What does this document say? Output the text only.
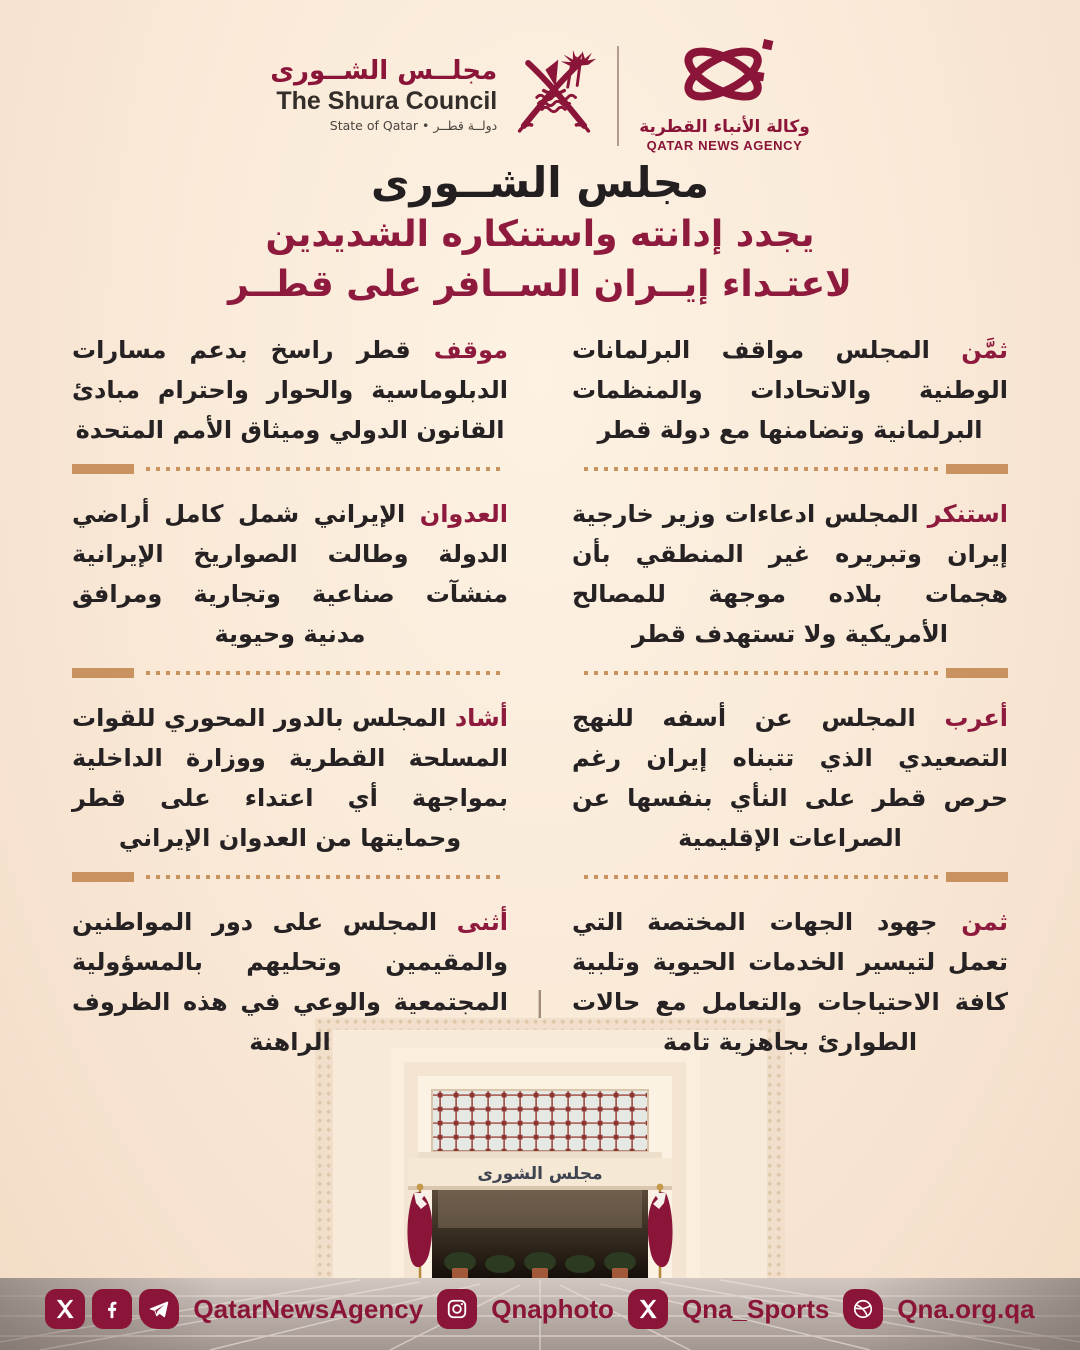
مجلــس الشــورى
The Shura Council
دولــة قطــر • State of Qatar	وكالة الأنباء القطرية
QATAR NEWS AGENCY
مجلس الشــورى
يجدد إدانته واستنكاره الشديدين
لاعتـداء إيــران الســافر على قطــر

ثمَّن المجلس مواقف البرلمانات الوطنية والاتحادات والمنظمات البرلمانية وتضامنها مع دولة قطر

استنكر المجلس ادعاءات وزير خارجية إيران وتبريره غير المنطقي بأن هجمات بلاده موجهة للمصالح الأمريكية ولا تستهدف قطر

أعرب المجلس عن أسفه للنهج التصعيدي الذي تتبناه إيران رغم حرص قطر على النأي بنفسها عن الصراعات الإقليمية

ثمن جهود الجهات المختصة التي تعمل لتيسير الخدمات الحيوية وتلبية كافة الاحتياجات والتعامل مع حالات الطوارئ بجاهزية تامة

موقف قطر راسخ بدعم مسارات الدبلوماسية والحوار واحترام مبادئ القانون الدولي وميثاق الأمم المتحدة

العدوان الإيراني شمل كامل أراضي الدولة وطالت الصواريخ الإيرانية منشآت صناعية وتجارية ومرافق مدنية وحيوية

أشاد المجلس بالدور المحوري للقوات المسلحة القطرية ووزارة الداخلية بمواجهة أي اعتداء على قطر وحمايتها من العدوان الإيراني

أثنى المجلس على دور المواطنين والمقيمين وتحليهم بالمسؤولية المجتمعية والوعي في هذه الظروف الراهنة

مجلس الشورى
QatarNewsAgency	Qnaphoto	Qna_Sports	Qna.org.qa
